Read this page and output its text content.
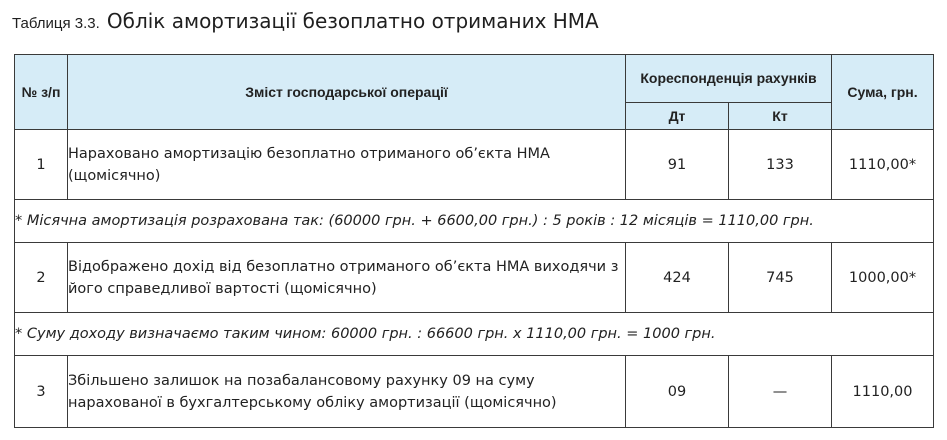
Таблиця 3.3. Облік амортизації безоплатно отриманих НМА
№ з/п	Зміст господарської операції	Кореспонденція рахунків		Сума, грн.
		Дт	Кт	
1	Нараховано амортизацію безоплатно отриманого об’єкта НМА (щомісячно)	91	133	1110,00*
* Місячна амортизація розрахована так: (60000 грн. + 6600,00 грн.) : 5 років : 12 місяців = 1110,00 грн.				
2	Відображено дохід від безоплатно отриманого об’єкта НМА виходячи з його справедливої вартості (щомісячно)	424	745	1000,00*
* Суму доходу визначаємо таким чином: 60000 грн. : 66600 грн. х 1110,00 грн. = 1000 грн.				
3	Збільшено залишок на позабалансовому рахунку 09 на суму нарахованої в бухгалтерському обліку амортизації (щомісячно)	09	—	1110,00
